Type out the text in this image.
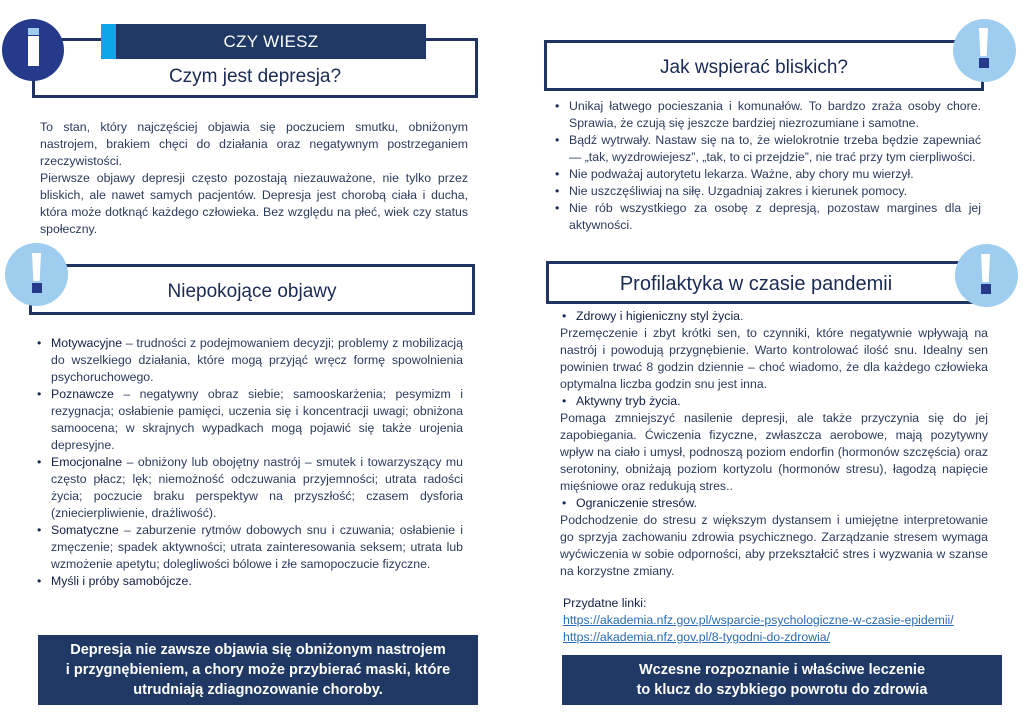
Czym jest depresja?
CZY WIESZ

To stan, który najczęściej objawia się poczuciem smutku, obniżonym nastrojem, brakiem chęci do działania oraz negatywnym postrzeganiem rzeczywistości.

Pierwsze objawy depresji często pozostają niezauważone, nie tylko przez bliskich, ale nawet samych pacjentów. Depresja jest chorobą ciała i ducha, która może dotknąć każdego człowieka. Bez względu na płeć, wiek czy status społeczny.

Niepokojące objawy
• Motywacyjne – trudności z podejmowaniem decyzji; problemy z mobilizacją do wszelkiego działania, które mogą przyjąć wręcz formę spowolnienia psychoruchowego.
• Poznawcze – negatywny obraz siebie; samooskarżenia; pesymizm i rezygnacja; osłabienie pamięci, uczenia się i koncentracji uwagi; obniżona samoocena; w skrajnych wypadkach mogą pojawić się także urojenia depresyjne.
• Emocjonalne – obniżony lub obojętny nastrój – smutek i towarzyszący mu często płacz; lęk; niemożność odczuwania przyjemności; utrata radości życia; poczucie braku perspektyw na przyszłość; czasem dysforia (zniecierpliwienie, drażliwość).
• Somatyczne – zaburzenie rytmów dobowych snu i czuwania; osłabienie i zmęczenie; spadek aktywności; utrata zainteresowania seksem; utrata lub wzmożenie apetytu; dolegliwości bólowe i złe samopoczucie fizyczne.
• Myśli i próby samobójcze.
Depresja nie zawsze objawia się obniżonym nastrojem
i przygnębieniem, a chory może przybierać maski, które
utrudniają zdiagnozowanie choroby.
Jak wspierać bliskich?
• Unikaj łatwego pocieszania i komunałów. To bardzo zraża osoby chore. Sprawia, że czują się jeszcze bardziej niezrozumiane i samotne.
• Bądź wytrwały. Nastaw się na to, że wielokrotnie trzeba będzie zapewniać — „tak, wyzdrowiejesz”, „tak, to ci przejdzie”, nie trać przy tym cierpliwości.
• Nie podważaj autorytetu lekarza. Ważne, aby chory mu wierzył.
• Nie uszczęśliwiaj na siłę. Uzgadniaj zakres i kierunek pomocy.
• Nie rób wszystkiego za osobę z depresją, pozostaw margines dla jej aktywności.
Profilaktyka w czasie pandemii
• Zdrowy i higieniczny styl życia.

Przemęczenie i zbyt krótki sen, to czynniki, które negatywnie wpływają na nastrój i powodują przygnębienie. Warto kontrolować ilość snu. Idealny sen powinien trwać 8 godzin dziennie – choć wiadomo, że dla każdego człowieka optymalna liczba godzin snu jest inna.

• Aktywny tryb życia.

Pomaga zmniejszyć nasilenie depresji, ale także przyczynia się do jej zapobiegania. Ćwiczenia fizyczne, zwłaszcza aerobowe, mają pozytywny wpływ na ciało i umysł, podnoszą poziom endorfin (hormonów szczęścia) oraz serotoniny, obniżają poziom kortyzolu (hormonów stresu), łagodzą napięcie mięśniowe oraz redukują stres..

• Ograniczenie stresów.

Podchodzenie do stresu z większym dystansem i umiejętne interpretowanie go sprzyja zachowaniu zdrowia psychicznego. Zarządzanie stresem wymaga wyćwiczenia w sobie odporności, aby przekształcić stres i wyzwania w szanse na korzystne zmiany.

Przydatne linki:
https://akademia.nfz.gov.pl/wsparcie-psychologiczne-w-czasie-epidemii/
https://akademia.nfz.gov.pl/8-tygodni-do-zdrowia/
Wczesne rozpoznanie i właściwe leczenie
to klucz do szybkiego powrotu do zdrowia
